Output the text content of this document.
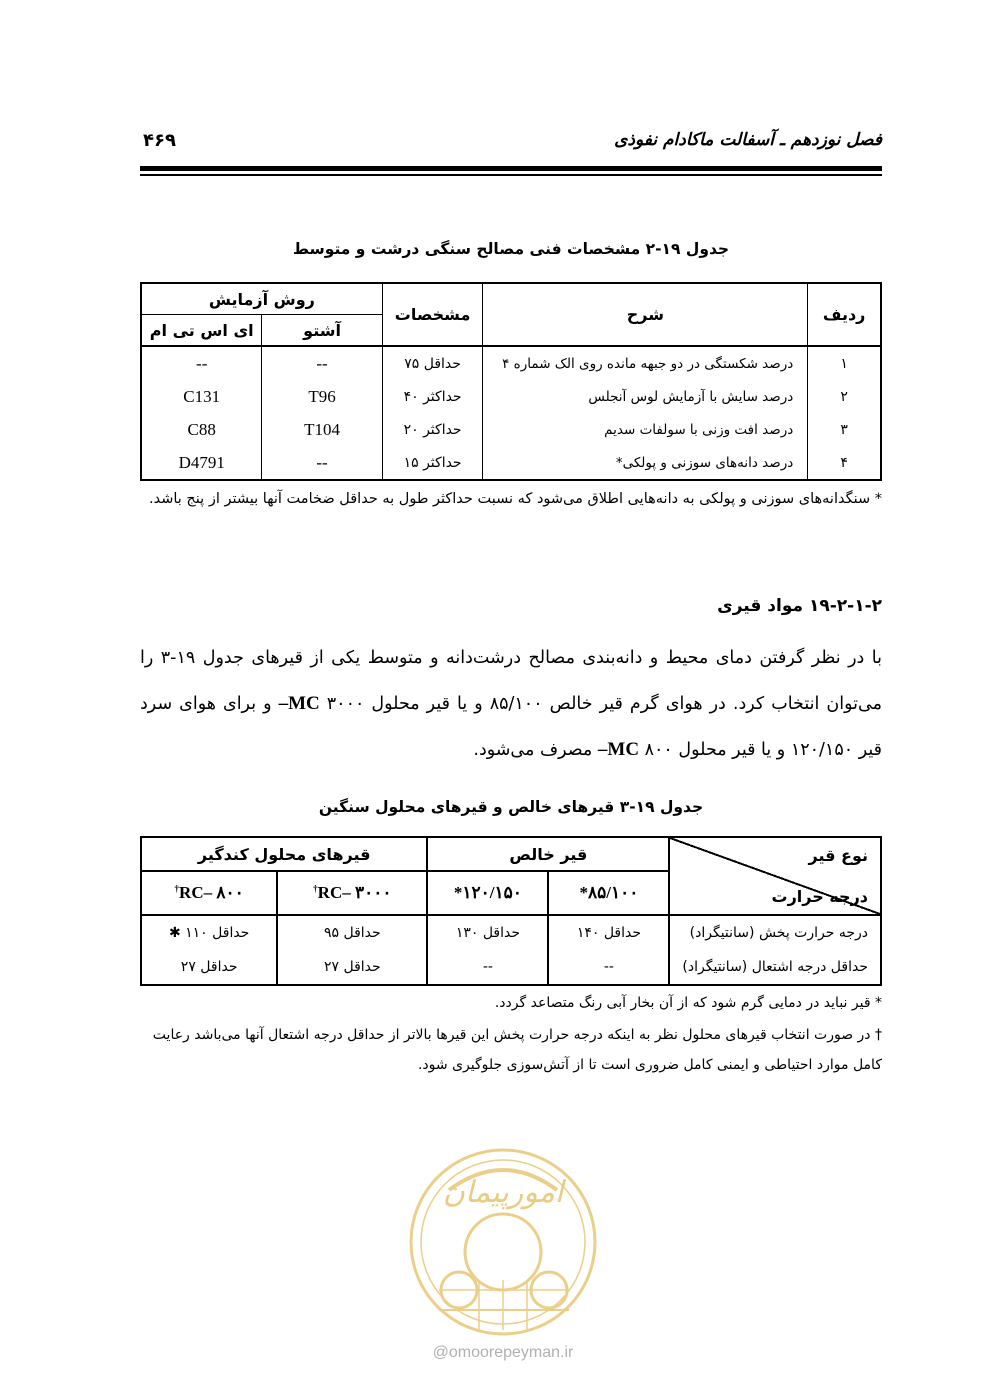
فصل نوزدهم ـ آسفالت ماکادام نفوذی
۴۶۹
جدول ۱۹-۲ مشخصات فنی مصالح سنگی درشت و متوسط
ردیف	شرح	مشخصات	روش آزمایش	
			آشتو	ای اس تی ام
۱	درصد شکستگی در دو جبهه مانده روی الک شماره ۴	حداقل ۷۵	--	--
۲	درصد سایش با آزمایش لوس آنجلس	حداکثر ۴۰	T96	C131
۳	درصد افت وزنی با سولفات سدیم	حداکثر ۲۰	T104	C88
۴	درصد دانه‌های سوزنی و پولکی*	حداکثر ۱۵	--	D4791
* سنگدانه‌های سوزنی و پولکی به دانه‌هایی اطلاق می‌شود که نسبت حداکثر طول به حداقل ضخامت آنها بیشتر از پنج باشد.
۱۹-۲-۱-۲ مواد قیری
با در نظر گرفتن دمای محیط و دانه‌بندی مصالح درشت‌دانه و متوسط یکی از قیرهای جدول ۱۹-۳ را می‌توان انتخاب کرد. در هوای گرم قیر خالص ۸۵/۱۰۰ و یا قیر محلول ۳۰۰۰ MC– و برای هوای سرد قیر ۱۲۰/۱۵۰ و یا قیر محلول ۸۰۰ MC– مصرف می‌شود.
جدول ۱۹-۳ قیرهای خالص و قیرهای محلول سنگین
نوع قیر
درجه حرارت	قیر خالص		قیرهای محلول کندگیر	
	۸۵/۱۰۰*	۱۲۰/۱۵۰*	RC– ۳۰۰۰†	RC– ۸۰۰†
درجه حرارت پخش (سانتیگراد)	حداقل ۱۴۰	حداقل ۱۳۰	حداقل ۹۵	حداقل ۱۱۰ ✱
حداقل درجه اشتعال (سانتیگراد)	--	--	حداقل ۲۷	حداقل ۲۷
* قیر نباید در دمایی گرم شود که از آن بخار آبی رنگ متصاعد گردد.
† در صورت انتخاب قیرهای محلول نظر به اینکه درجه حرارت پخش این قیرها بالاتر از حداقل درجه اشتعال آنها می‌باشد رعایت کامل موارد احتیاطی و ایمنی کامل ضروری است تا از آتش‌سوزی جلوگیری شود.
امورپیمان
@omoorepeyman.ir
